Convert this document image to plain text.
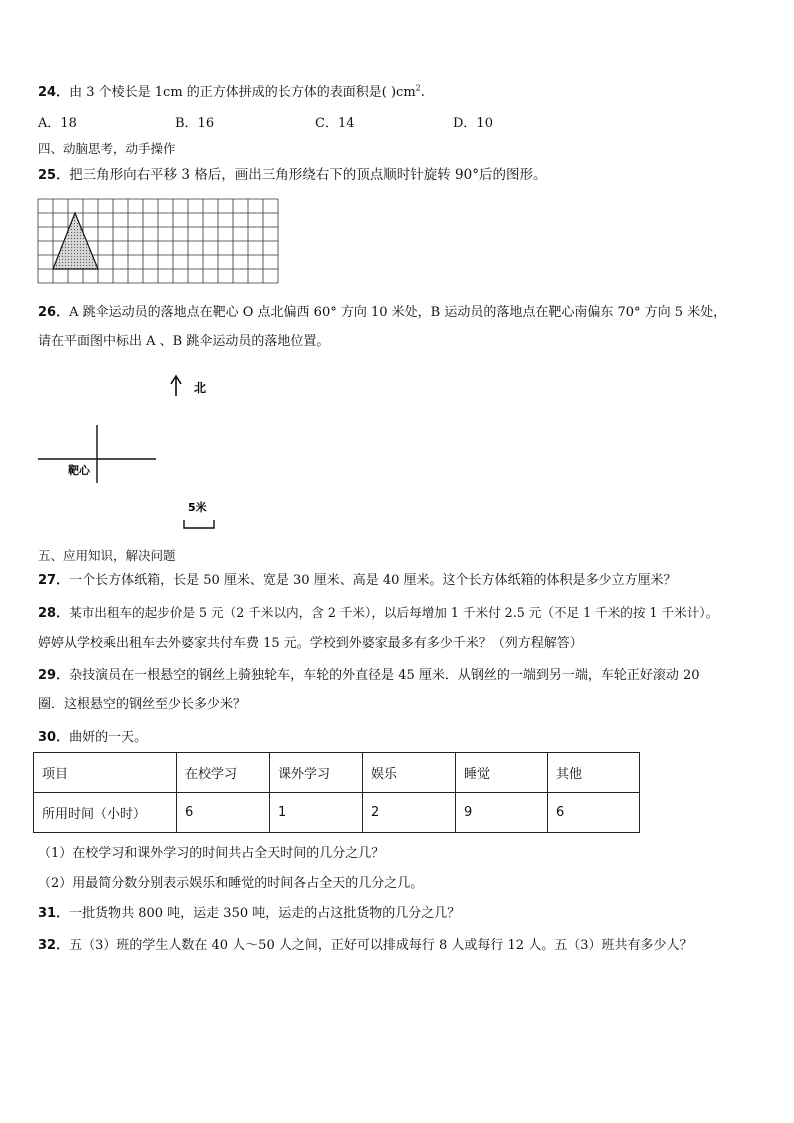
24．由 3 个棱长是 1cm 的正方体拼成的长方体的表面积是( )$cm^2$.
A．18	B．16	C．14	D．10
四、动脑思考，动手操作
25．把三角形向右平移 3 格后，画出三角形绕右下的顶点顺时针旋转 90°后的图形。
26．A 跳伞运动员的落地点在靶心 O 点北偏西 60° 方向 10 米处，B 运动员的落地点在靶心南偏东 70° 方向 5 米处，
请在平面图中标出 A 、B 跳伞运动员的落地位置。
北
靶心
5米
五、应用知识，解决问题
27．一个长方体纸箱，长是 50 厘米、宽是 30 厘米、高是 40 厘米。这个长方体纸箱的体积是多少立方厘米？
28．某市出租车的起步价是 5 元（2 千米以内，含 2 千米），以后每增加 1 千米付 2.5 元（不足 1 千米的按 1 千米计）。
婷婷从学校乘出租车去外婆家共付车费 15 元。学校到外婆家最多有多少千米？（列方程解答）
29．杂技演员在一根悬空的钢丝上骑独轮车，车轮的外直径是 45 厘米．从钢丝的一端到另一端，车轮正好滚动 20
圈．这根悬空的钢丝至少长多少米？
30．曲妍的一天。
项目	在校学习	课外学习	娱乐	睡觉	其他
所用时间（小时）	6	1	2	9	6
（1）在校学习和课外学习的时间共占全天时间的几分之几？
（2）用最简分数分别表示娱乐和睡觉的时间各占全天的几分之几。
31．一批货物共 800 吨，运走 350 吨，运走的占这批货物的几分之几？
32．五（3）班的学生人数在 40 人～50 人之间，正好可以排成每行 8 人或每行 12 人。五（3）班共有多少人？
